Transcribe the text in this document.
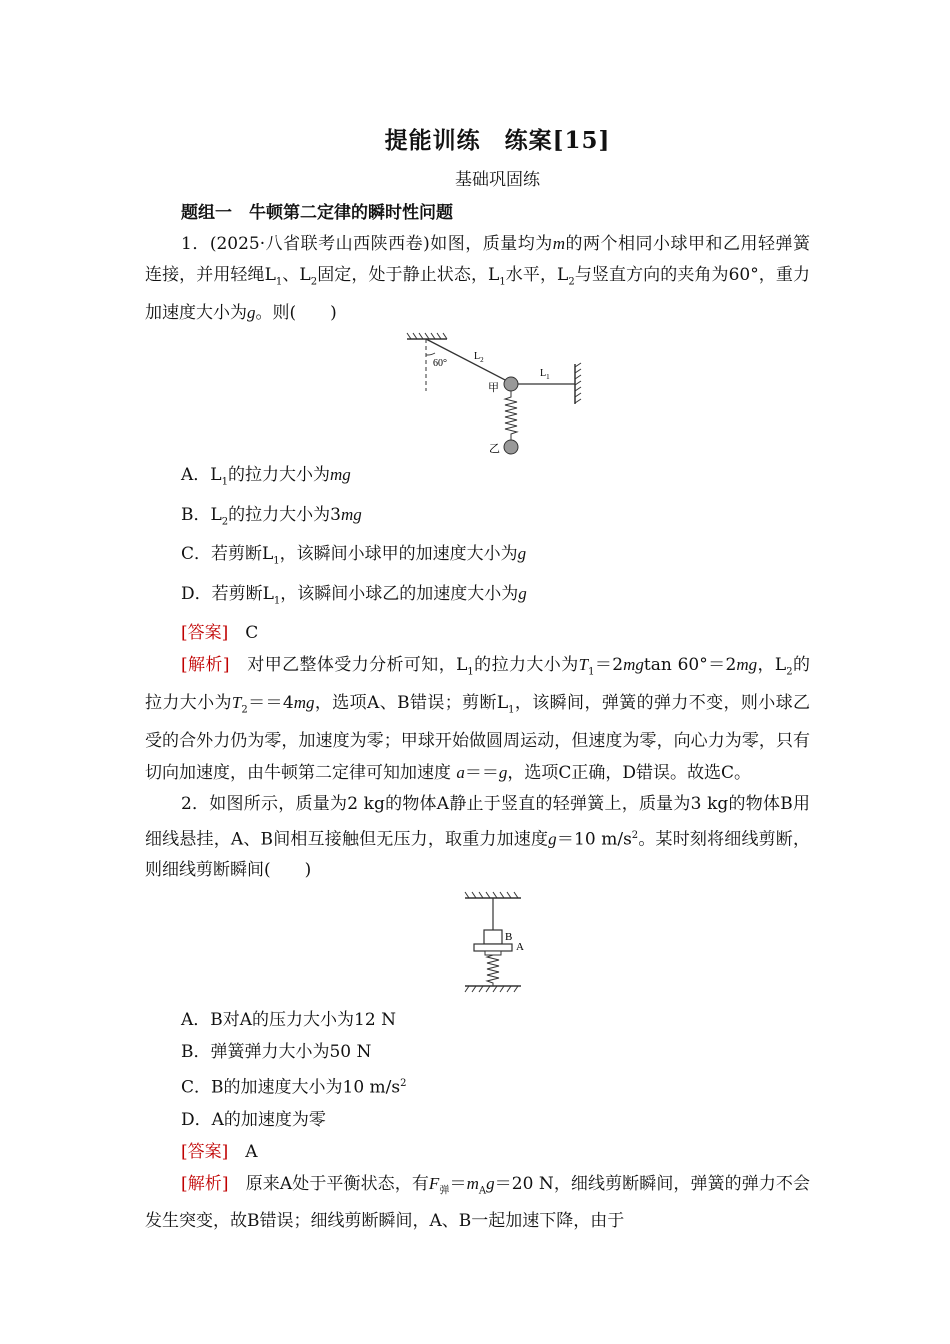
提能训练　练案[15]
基础巩固练
题组一　牛顿第二定律的瞬时性问题

1．(2025·八省联考山西陕西卷)如图，质量均为m的两个相同小球甲和乙用轻弹簧连接，并用轻绳$L_1$、$L_2$固定，处于静止状态，$L_1$水平，$L_2$与竖直方向的夹角为60°，重力加速度大小为g。则(　　)

60°
$L_2$
$L_1$
甲
乙
A．$L_1$的拉力大小为mg
B．$L_2$的拉力大小为3mg
C．若剪断$L_1$，该瞬间小球甲的加速度大小为g
D．若剪断$L_1$，该瞬间小球乙的加速度大小为g
[答案]　 C

[解析]　对甲乙整体受力分析可知，$L_1$的拉力大小为$T_1=2mgtan$ 60°＝2mg，$L_2$的拉力大小为$T_2==4mg$，选项A、B错误；剪断$L_1$，该瞬间，弹簧的弹力不变，则小球乙受的合外力仍为零，加速度为零；甲球开始做圆周运动，但速度为零，向心力为零，只有切向加速度，由牛顿第二定律可知加速度 a＝＝g，选项C正确，D错误。故选C。

2．如图所示，质量为2 kg的物体A静止于竖直的轻弹簧上，质量为3 kg的物体B用细线悬挂，A、B间相互接触但无压力，取重力加速度g＝10 $m/s^2$。某时刻将细线剪断，则细线剪断瞬间(　　)

B
A
A．B对A的压力大小为12 N
B．弹簧弹力大小为50 N
C．B的加速度大小为10 $m/s^2$
D．A的加速度为零
[答案]　 A

[解析]　原来A处于平衡状态，有$F_弹=m_Ag=20$ N，细线剪断瞬间，弹簧的弹力不会发生突变，故B错误；细线剪断瞬间，A、B一起加速下降，由于
